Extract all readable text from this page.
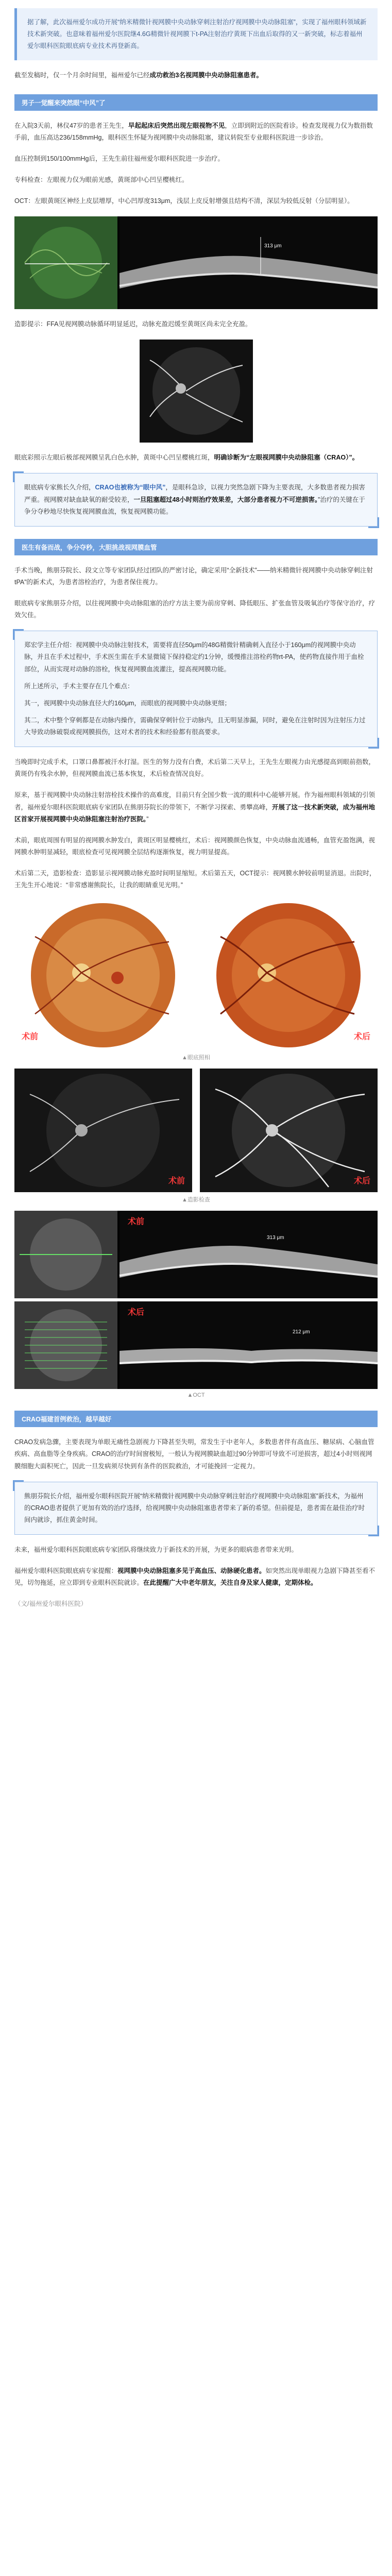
据了解，此次福州爱尔成功开展“纳米精微针视网膜中央动脉穿刺注射治疗视网膜中央动脉阻塞”，实现了福州眼科领域新技术新突破。也意味着福州爱尔医院继4.6G精微针视网膜下t-PA注射治疗黄斑下出血后取得的又一新突破，标志着福州爱尔眼科医院眼底病专业技术再登新高。

截至发稿时，仅一个月余时间里，福州爱尔已经成功救治3名视网膜中央动脉阻塞患者。

男子一觉醒来突然眼“中风”了

在入院3天前，林仪47岁的患者王先生，早起起床后突然出现左眼视物不见，立即到附近的医院看诊。检查发现视力仅为数指数手前，血压高达236/158mmHg，眼科医生怀疑为视网膜中央动脉阻塞，建议转院至专业眼科医院进一步诊治。

血压控制到150/100mmHg后，王先生前往福州爱尔眼科医院进一步治疗。

专科检查：左眼视力仅为眼前光感，黄斑部中心凹呈樱桃红。

OCT：左眼黄斑区神经上皮层增厚，中心凹厚度313μm，浅层上皮反射增强且结构不清，深层为较低反射（分层明显）。

313 μm

造影提示：FFA见视网膜动脉循环明显延迟，动脉充盈迟缓至黄斑区尚未完全充盈。

眼底彩照示左眼后极部视网膜呈乳白色水肿，黄斑中心凹呈樱桃红斑，明确诊断为“左眼视网膜中央动脉阻塞（CRAO）”。

眼底病专家熊长久介绍，CRAO也被称为“眼中风”，是眼科急诊，以视力突然急剧下降为主要表现，大多数患者视力损害严重。视网膜对缺血缺氧的耐受较差，一旦阻塞超过48小时则治疗效果差，大部分患者视力不可逆损害。”治疗的关键在于争分夺秒地尽快恢复视网膜血流，恢复视网膜功能。

医生有备而战，争分夺秒，大胆挑战视网膜血管

手术当晚，熊朋芬院长、段文立等专家团队经过团队的严密讨论，确定采用“全新技术”——纳米精微针视网膜中央动脉穿刺注射tPA”的新术式，为患者溶栓治疗，为患者保住视力。

眼底病专家熊朋芬介绍，以往视网膜中央动脉阻塞的治疗方法主要为前房穿刺、降低眼压、扩张血管及吸氧治疗等保守治疗，疗效欠佳。

郑宏学主任介绍：视网膜中央动脉注射技术，需要将直径50μm的48G精微针精确刺入直径小于160μm的视网膜中央动脉，并且在手术过程中，手术医生需在手术显微镜下保持稳定约1分钟，缓慢推注溶栓药物rt-PA，使药物直接作用于血栓部位，从而实现对动脉的溶栓，恢复视网膜血流灌注，提高视网膜功能。

所上述所示，手术主要存在几个难点：

其一，视网膜中央动脉直径大约160μm，而眼底的视网膜中央动脉更细；

其二，术中整个穿刺都是在动脉内操作，需确保穿刺针位于动脉内，且无明显渗漏，同时，避免在注射时因为注射压力过大导致动脉破裂或视网膜损伤，这对术者的技术和经验都有很高要求。

当晚即时完成手术，口罩口鼻都被汗水打湿。医生的努力没有白费，术后第二天早上，王先生左眼视力由光感提高到眼前指数，黄斑仍有残余水肿，但视网膜血流已基本恢复，术后检查情况良好。

原来，基于视网膜中央动脉注射溶栓技术操作的高难度，目前只有全国少数一流的眼科中心能够开展。作为福州眼科领域的引领者，福州爱尔眼科医院眼底病专家团队在熊朋芬院长的带领下，不断学习探索、勇攀高峰，开展了这一技术新突破，成为福州地区首家开展视网膜中央动脉阻塞注射治疗医院。”

术前，眼底周围有明显的视网膜水肿发白，黄斑区明显樱桃红，术后：视网膜颜色恢复，中央动脉血流通畅，血管充盈饱满，视网膜水肿明显减轻，眼底检查可见视网膜全层结构逐渐恢复，视力明显提高。

术后第二天，造影检查：造影显示视网膜动脉充盈时间明显缩短。术后第五天，OCT提示：视网膜水肿较前明显消退。出院时，王先生开心地说：“非常感谢熊院长，让我的眼睛重见光明。”

术前	术后
▲眼底照相
术前	术后
▲造影检查
313 μm
术前
212 μm
术后
▲OCT
CRAO福建首例救治，越早越好

CRAO发病急骤，主要表现为单眼无痛性急剧视力下降甚至失明，常发生于中老年人，多数患者伴有高血压、糖尿病、心脑血管疾病、高血脂等全身疾病。CRAO的治疗时间窗极短，一般认为视网膜缺血超过90分钟即可导致不可逆损害，超过4小时则视网膜细胞大面积死亡，因此一旦发病须尽快到有条件的医院救治，才可能挽回一定视力。

熊朋芬院长介绍，福州爱尔眼科医院开展“纳米精微针视网膜中央动脉穿刺注射治疗视网膜中央动脉阻塞”新技术，为福州的CRAO患者提供了更加有效的治疗选择，给视网膜中央动脉阻塞患者带来了新的希望。但前提是，患者需在最佳治疗时间内就诊，抓住黄金时间。

未来，福州爱尔眼科医院眼底病专家团队将继续致力于新技术的开展，为更多的眼病患者带来光明。

福州爱尔眼科医院眼底病专家提醒：视网膜中央动脉阻塞多见于高血压、动脉硬化患者。如突然出现单眼视力急剧下降甚至看不见，切勿拖延，应立即到专业眼科医院就诊。在此提醒广大中老年朋友，关注自身及家人健康，定期体检。

（文/福州爱尔眼科医院）
